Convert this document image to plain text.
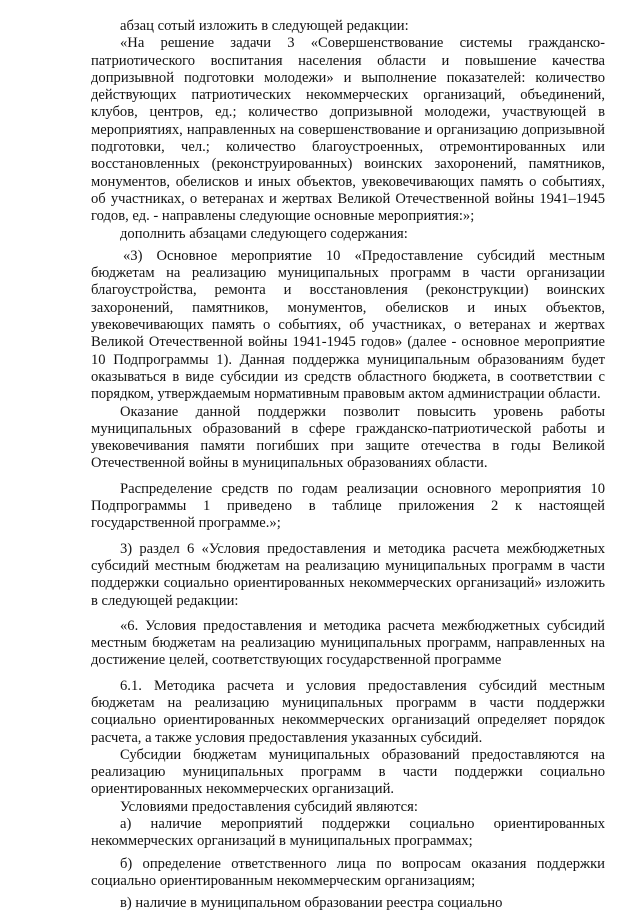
абзац сотый изложить в следующей редакции:

«На решение задачи 3 «Совершенствование системы гражданско-патриотического воспитания населения области и повышение качества допризывной подготовки молодежи» и выполнение показателей: количество действующих патриотических некоммерческих организаций, объединений, клубов, центров, ед.; количество допризывной молодежи, участвующей в мероприятиях, направленных на совершенствование и организацию допризывной подготовки, чел.; количество благоустроенных, отремонтированных или восстановленных (реконструированных) воинских захоронений, памятников, монументов, обелисков и иных объектов, увековечивающих память о событиях, об участниках, о ветеранах и жертвах Великой Отечественной войны 1941–1945 годов, ед. - направлены следующие основные мероприятия:»;

дополнить абзацами следующего содержания:

«3) Основное мероприятие 10 «Предоставление субсидий местным бюджетам на реализацию муниципальных программ в части организации благоустройства, ремонта и восстановления (реконструкции) воинских захоронений, памятников, монументов, обелисков и иных объектов, увековечивающих память о событиях, об участниках, о ветеранах и жертвах Великой Отечественной войны 1941-1945 годов» (далее - основное мероприятие 10 Подпрограммы 1). Данная поддержка муниципальным образованиям будет оказываться в виде субсидии из средств областного бюджета, в соответствии с порядком, утверждаемым нормативным правовым актом администрации области.

Оказание данной поддержки позволит повысить уровень работы муниципальных образований в сфере гражданско-патриотической работы и увековечивания памяти погибших при защите отечества в годы Великой Отечественной войны в муниципальных образованиях области.

Распределение средств по годам реализации основного мероприятия 10 Подпрограммы 1 приведено в таблице приложения 2 к настоящей государственной программе.»;

3) раздел 6 «Условия предоставления и методика расчета межбюджетных субсидий местным бюджетам на реализацию муниципальных программ в части поддержки социально ориентированных некоммерческих организаций» изложить в следующей редакции:

«6. Условия предоставления и методика расчета межбюджетных субсидий местным бюджетам на реализацию муниципальных программ, направленных на достижение целей, соответствующих государственной программе

6.1. Методика расчета и условия предоставления субсидий местным бюджетам на реализацию муниципальных программ в части поддержки социально ориентированных некоммерческих организаций определяет порядок расчета, а также условия предоставления указанных субсидий.

Субсидии бюджетам муниципальных образований предоставляются на реализацию муниципальных программ в части поддержки социально ориентированных некоммерческих организаций.

Условиями предоставления субсидий являются:

а) наличие мероприятий поддержки социально ориентированных некоммерческих организаций в муниципальных программах;

б) определение ответственного лица по вопросам оказания поддержки социально ориентированным некоммерческим организациям;

в) наличие в муниципальном образовании реестра социально
